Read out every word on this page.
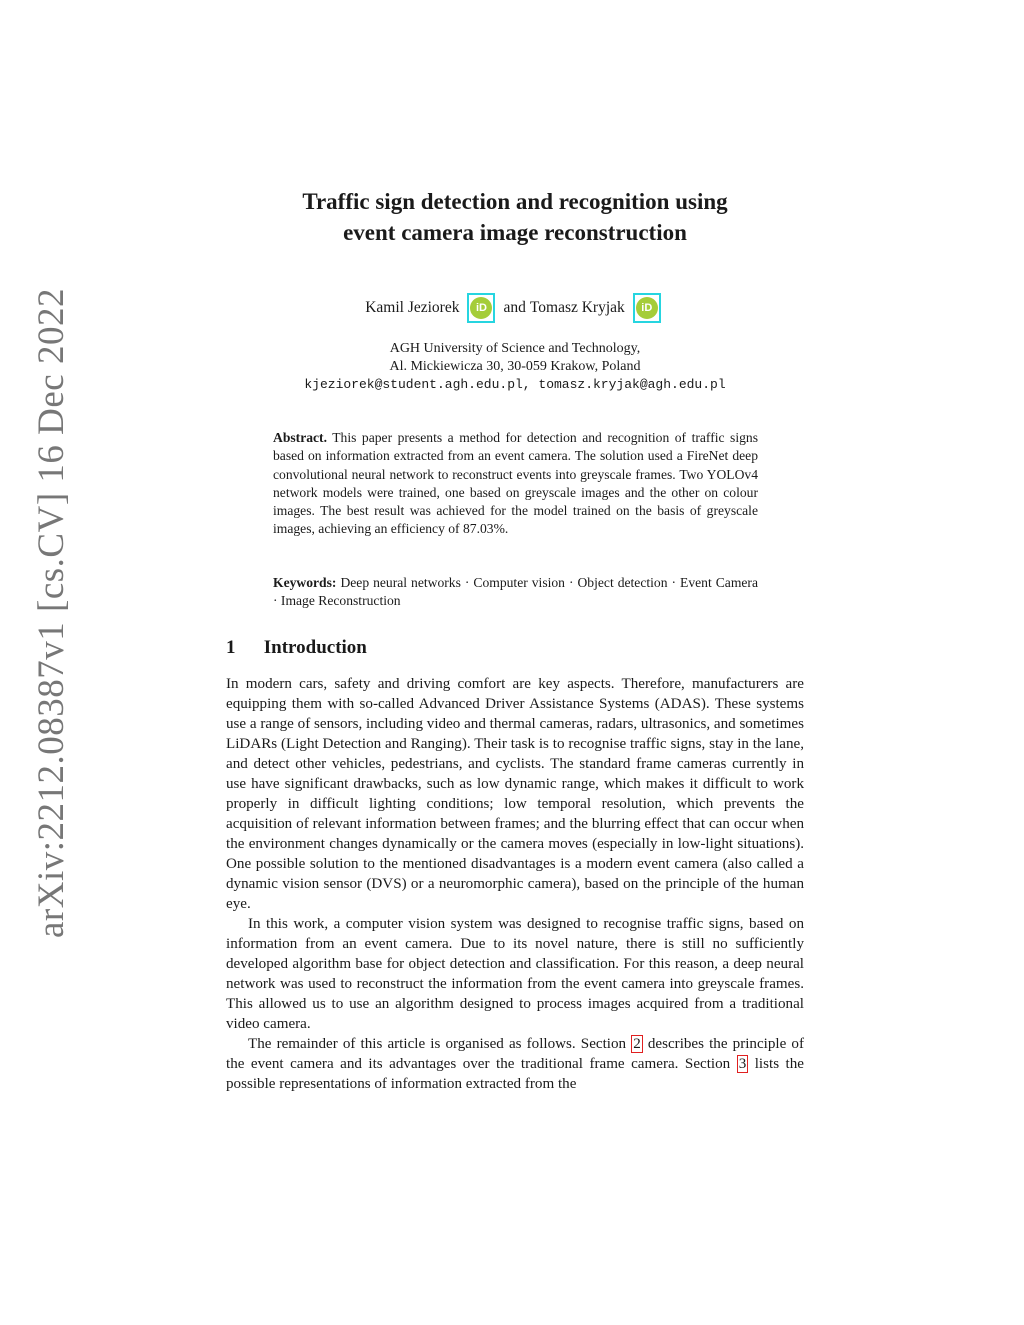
arXiv:2212.08387v1 [cs.CV] 16 Dec 2022
Traffic sign detection and recognition using
event camera image reconstruction
Kamil Jeziorek	iD	and Tomasz Kryjak	iD
AGH University of Science and Technology,
Al. Mickiewicza 30, 30-059 Krakow, Poland
kjeziorek@student.agh.edu.pl, tomasz.kryjak@agh.edu.pl
Abstract. This paper presents a method for detection and recognition of traffic signs based on information extracted from an event camera. The solution used a FireNet deep convolutional neural network to reconstruct events into greyscale frames. Two YOLOv4 network models were trained, one based on greyscale images and the other on colour images. The best result was achieved for the model trained on the basis of greyscale images, achieving an efficiency of 87.03%.
Keywords: Deep neural networks · Computer vision · Object detection · Event Camera · Image Reconstruction
1 Introduction

In modern cars, safety and driving comfort are key aspects. Therefore, manufacturers are equipping them with so-called Advanced Driver Assistance Systems (ADAS). These systems use a range of sensors, including video and thermal cameras, radars, ultrasonics, and sometimes LiDARs (Light Detection and Ranging). Their task is to recognise traffic signs, stay in the lane, and detect other vehicles, pedestrians, and cyclists. The standard frame cameras currently in use have significant drawbacks, such as low dynamic range, which makes it difficult to work properly in difficult lighting conditions; low temporal resolution, which prevents the acquisition of relevant information between frames; and the blurring effect that can occur when the environment changes dynamically or the camera moves (especially in low-light situations). One possible solution to the mentioned disadvantages is a modern event camera (also called a dynamic vision sensor (DVS) or a neuromorphic camera), based on the principle of the human eye.

In this work, a computer vision system was designed to recognise traffic signs, based on information from an event camera. Due to its novel nature, there is still no sufficiently developed algorithm base for object detection and classification. For this reason, a deep neural network was used to reconstruct the information from the event camera into greyscale frames. This allowed us to use an algorithm designed to process images acquired from a traditional video camera.

The remainder of this article is organised as follows. Section 2 describes the principle of the event camera and its advantages over the traditional frame camera. Section 3 lists the possible representations of information extracted from the
